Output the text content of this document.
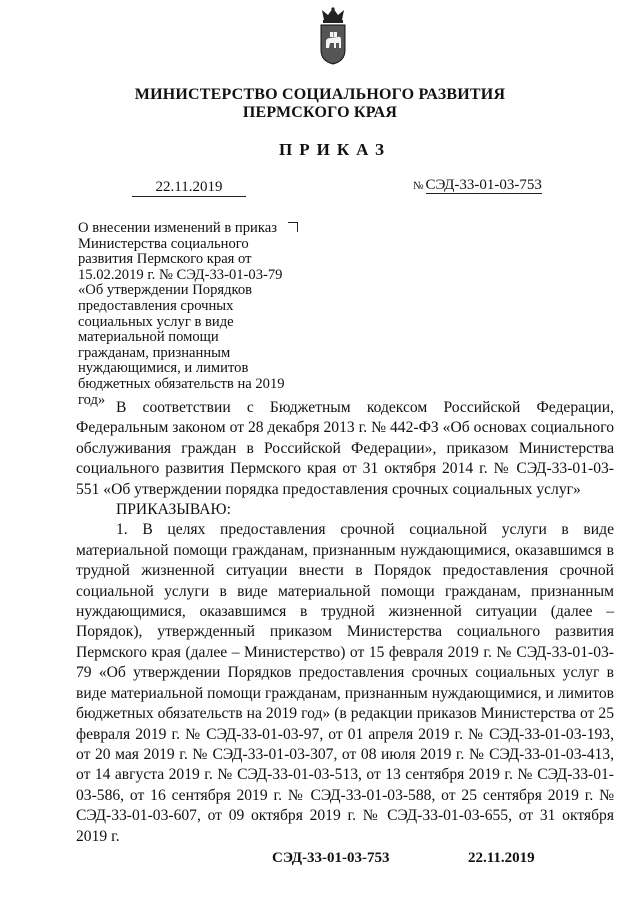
МИНИСТЕРСТВО СОЦИАЛЬНОГО РАЗВИТИЯ
ПЕРМСКОГО КРАЯ
ПРИКАЗ
22.11.2019	№ СЭД-33-01-03-753
О внесении изменений в приказ
Министерства социального
развития Пермского края от
15.02.2019 г. № СЭД-33-01-03-79
«Об утверждении Порядков
предоставления срочных
социальных услуг в виде
материальной помощи
гражданам, признанным
нуждающимися, и лимитов
бюджетных обязательств на 2019
год» В соответствии с Бюджетным кодексом Российской Федерации, Федеральным законом от 28 декабря 2013 г. № 442-ФЗ «Об основах социального обслуживания граждан в Российской Федерации», приказом Министерства социального развития Пермского края от 31 октября 2014 г. № СЭД-33-01-03-551 «Об утверждении порядка предоставления срочных социальных услуг»

ПРИКАЗЫВАЮ:

1. В целях предоставления срочной социальной услуги в виде материальной помощи гражданам, признанным нуждающимися, оказавшимся в трудной жизненной ситуации внести в Порядок предоставления срочной социальной услуги в виде материальной помощи гражданам, признанным нуждающимися, оказавшимся в трудной жизненной ситуации (далее – Порядок), утвержденный приказом Министерства социального развития Пермского края (далее – Министерство) от 15 февраля 2019 г. № СЭД-33-01-03-79 «Об утверждении Порядков предоставления срочных социальных услуг в виде материальной помощи гражданам, признанным нуждающимися, и лимитов бюджетных обязательств на 2019 год» (в редакции приказов Министерства от 25 февраля 2019 г. № СЭД-33-01-03-97, от 01 апреля 2019 г. № СЭД-33-01-03-193, от 20 мая 2019 г. № СЭД-33-01-03-307, от 08 июля 2019 г. № СЭД-33-01-03-413, от 14 августа 2019 г. № СЭД-33-01-03-513, от 13 сентября 2019 г. № СЭД-33-01-03-586, от 16 сентября 2019 г. № СЭД-33-01-03-588, от 25 сентября 2019 г. № СЭД-33-01-03-607, от 09 октября 2019 г. № СЭД-33-01-03-655, от 31 октября 2019 г.

СЭД-33-01-03-753	22.11.2019
